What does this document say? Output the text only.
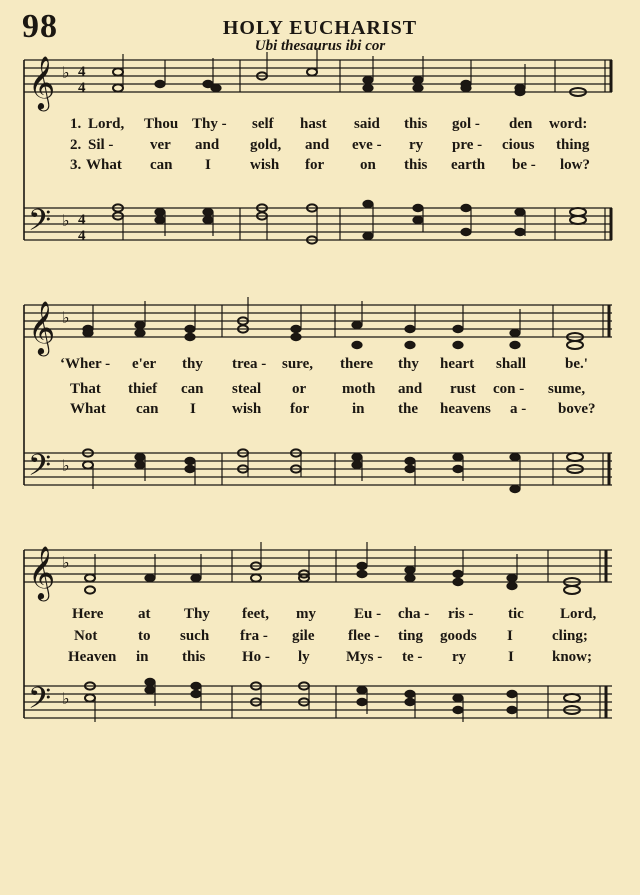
98	HOLY EUCHARIST
Ubi thesaurus ibi cor
𝄞
𝄢
♭
♭
4
4
4
4
1. Lord, Thou Thy - self hast said this gol - den word:
2. Sil - ver and gold, and eve - ry pre - cious thing
3. What can I	wish for on this earth be - low?
𝄞
𝄢
♭
♭
‘Wher - e'er thy trea - sure, there thy heart shall	be.'
That thief can steal or moth and rust con - sume,
What can I wish for	in the heavens a - bove?
𝄞
𝄢
♭
♭
Here at Thy feet, my	Eu - cha - ris - tic Lord,
Not	to such fra - gile flee - ting goods I	cling;
Heaven in this Ho - ly Mys - te - ry	I	know;
